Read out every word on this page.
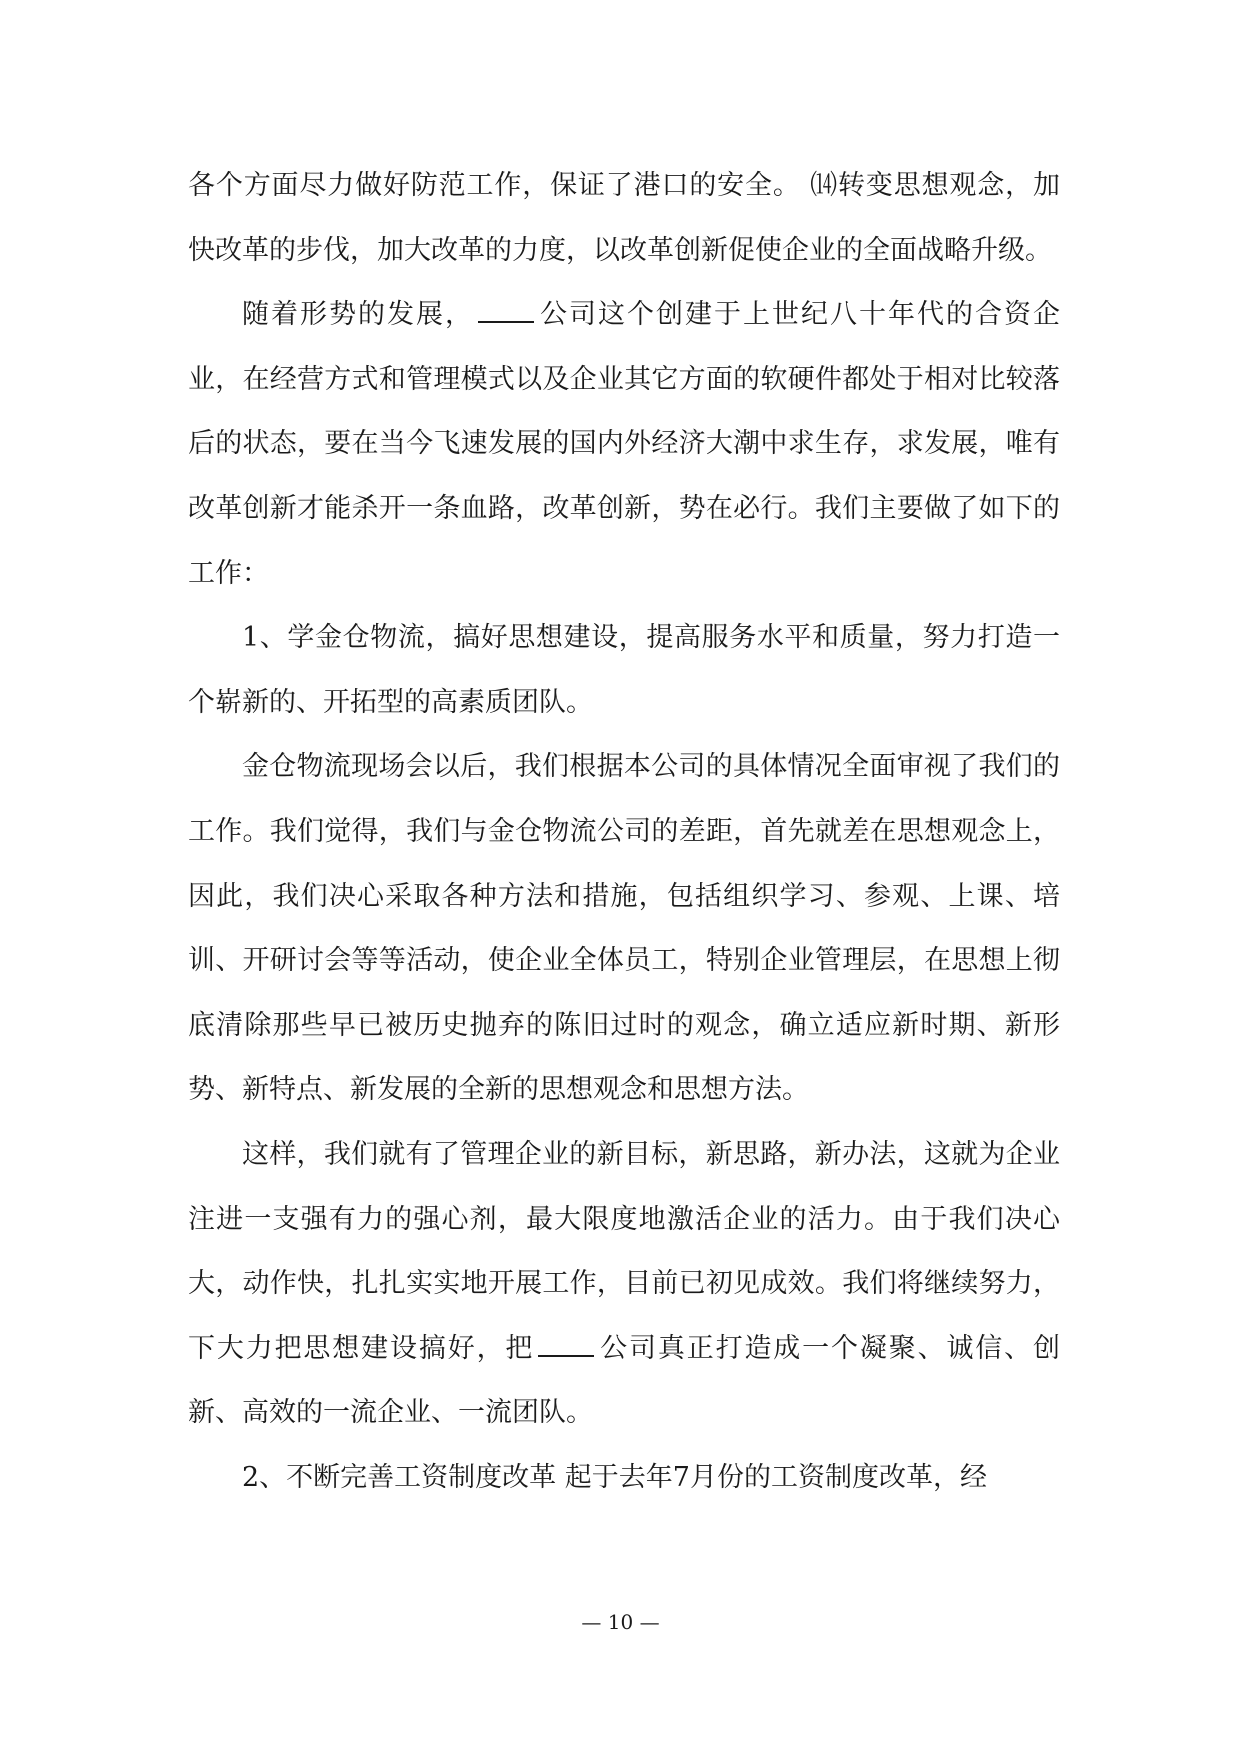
各个方面尽力做好防范工作，保证了港口的安全。 ⒁转变思想观念，加快改革的步伐，加大改革的力度，以改革创新促使企业的全面战略升级。

随着形势的发展， 公司这个创建于上世纪八十年代的合资企业，在经营方式和管理模式以及企业其它方面的软硬件都处于相对比较落后的状态，要在当今飞速发展的国内外经济大潮中求生存，求发展，唯有改革创新才能杀开一条血路，改革创新，势在必行。我们主要做了如下的工作：

1、学金仓物流，搞好思想建设，提高服务水平和质量，努力打造一个崭新的、开拓型的高素质团队。

金仓物流现场会以后，我们根据本公司的具体情况全面审视了我们的工作。我们觉得，我们与金仓物流公司的差距，首先就差在思想观念上，因此，我们决心采取各种方法和措施，包括组织学习、参观、上课、培训、开研讨会等等活动，使企业全体员工，特别企业管理层，在思想上彻底清除那些早已被历史抛弃的陈旧过时的观念，确立适应新时期、新形势、新特点、新发展的全新的思想观念和思想方法。

这样，我们就有了管理企业的新目标，新思路，新办法，这就为企业注进一支强有力的强心剂，最大限度地激活企业的活力。由于我们决心大，动作快，扎扎实实地开展工作，目前已初见成效。我们将继续努力，下大力把思想建设搞好，把 公司真正打造成一个凝聚、诚信、创新、高效的一流企业、一流团队。

2、不断完善工资制度改革 起于去年7月份的工资制度改革，经

— 10 —
